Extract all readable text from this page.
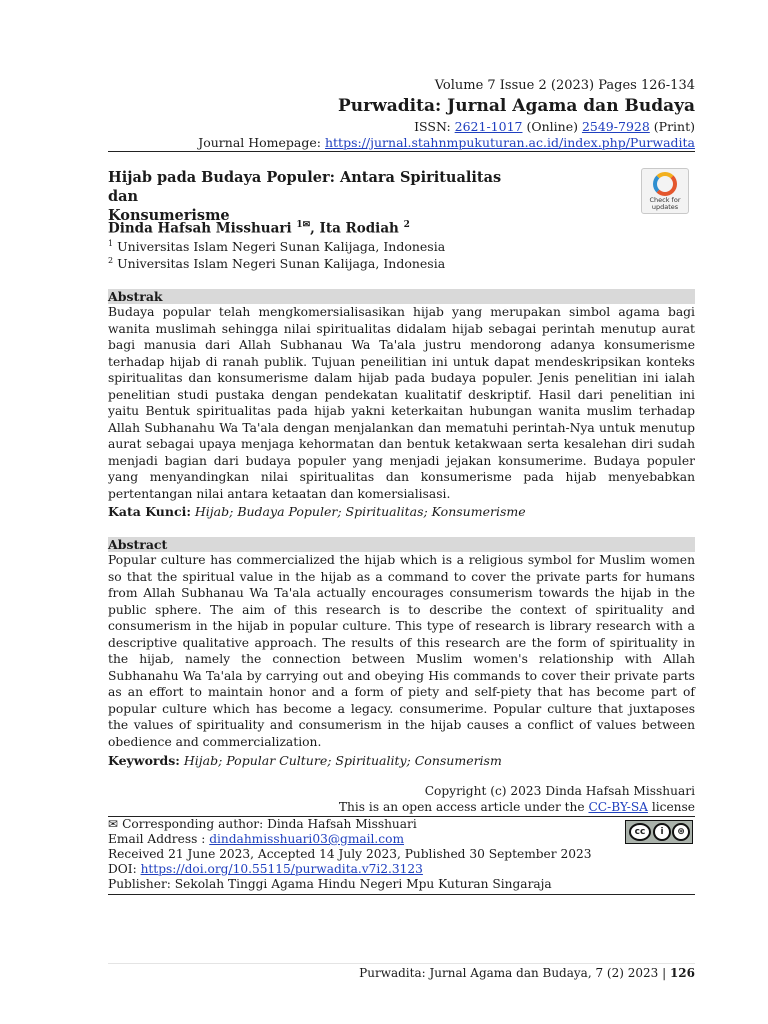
Volume 7 Issue 2 (2023) Pages 126-134
Purwadita: Jurnal Agama dan Budaya
ISSN: 2621-1017 (Online) 2549-7928 (Print)
Journal Homepage: https://jurnal.stahnmpukuturan.ac.id/index.php/Purwadita
Hijab pada Budaya Populer: Antara Spiritualitas dan
Konsumerisme
Check for updates
Dinda Hafsah Misshuari $^{1✉}$, Ita Rodiah $^2$
$^1$ Universitas Islam Negeri Sunan Kalijaga, Indonesia
$^2$ Universitas Islam Negeri Sunan Kalijaga, Indonesia
Abstrak
Budaya popular telah mengkomersialisasikan hijab yang merupakan simbol agama bagi wanita muslimah sehingga nilai spiritualitas didalam hijab sebagai perintah menutup aurat bagi manusia dari Allah Subhanau Wa Ta'ala justru mendorong adanya konsumerisme terhadap hijab di ranah publik. Tujuan peneilitian ini untuk dapat mendeskripsikan konteks spiritualitas dan konsumerisme dalam hijab pada budaya populer. Jenis penelitian ini ialah penelitian studi pustaka dengan pendekatan kualitatif deskriptif. Hasil dari penelitian ini yaitu Bentuk spiritualitas pada hijab yakni keterkaitan hubungan wanita muslim terhadap Allah Subhanahu Wa Ta'ala dengan menjalankan dan mematuhi perintah-Nya untuk menutup aurat sebagai upaya menjaga kehormatan dan bentuk ketakwaan serta kesalehan diri sudah menjadi bagian dari budaya populer yang menjadi jejakan konsumerime. Budaya populer yang menyandingkan nilai spiritualitas dan konsumerisme pada hijab menyebabkan pertentangan nilai antara ketaatan dan komersialisasi.
Kata Kunci: Hijab; Budaya Populer; Spiritualitas; Konsumerisme
Abstract
Popular culture has commercialized the hijab which is a religious symbol for Muslim women so that the spiritual value in the hijab as a command to cover the private parts for humans from Allah Subhanau Wa Ta'ala actually encourages consumerism towards the hijab in the public sphere. The aim of this research is to describe the context of spirituality and consumerism in the hijab in popular culture. This type of research is library research with a descriptive qualitative approach. The results of this research are the form of spirituality in the hijab, namely the connection between Muslim women's relationship with Allah Subhanahu Wa Ta'ala by carrying out and obeying His commands to cover their private parts as an effort to maintain honor and a form of piety and self-piety that has become part of popular culture which has become a legacy. consumerime. Popular culture that juxtaposes the values of spirituality and consumerism in the hijab causes a conflict of values between obedience and commercialization.
Keywords: Hijab; Popular Culture; Spirituality; Consumerism
Copyright (c) 2023 Dinda Hafsah Misshuari
This is an open access article under the CC-BY-SA license
✉ Corresponding author: Dinda Hafsah Misshuari
Email Address : dindahmisshuari03@gmail.com
Received 21 June 2023, Accepted 14 July 2023, Published 30 September 2023
DOI: https://doi.org/10.55115/purwadita.v7i2.3123
Publisher: Sekolah Tinggi Agama Hindu Negeri Mpu Kuturan Singaraja
cc	i	⊛
Purwadita: Jurnal Agama dan Budaya, 7 (2) 2023 | 126
